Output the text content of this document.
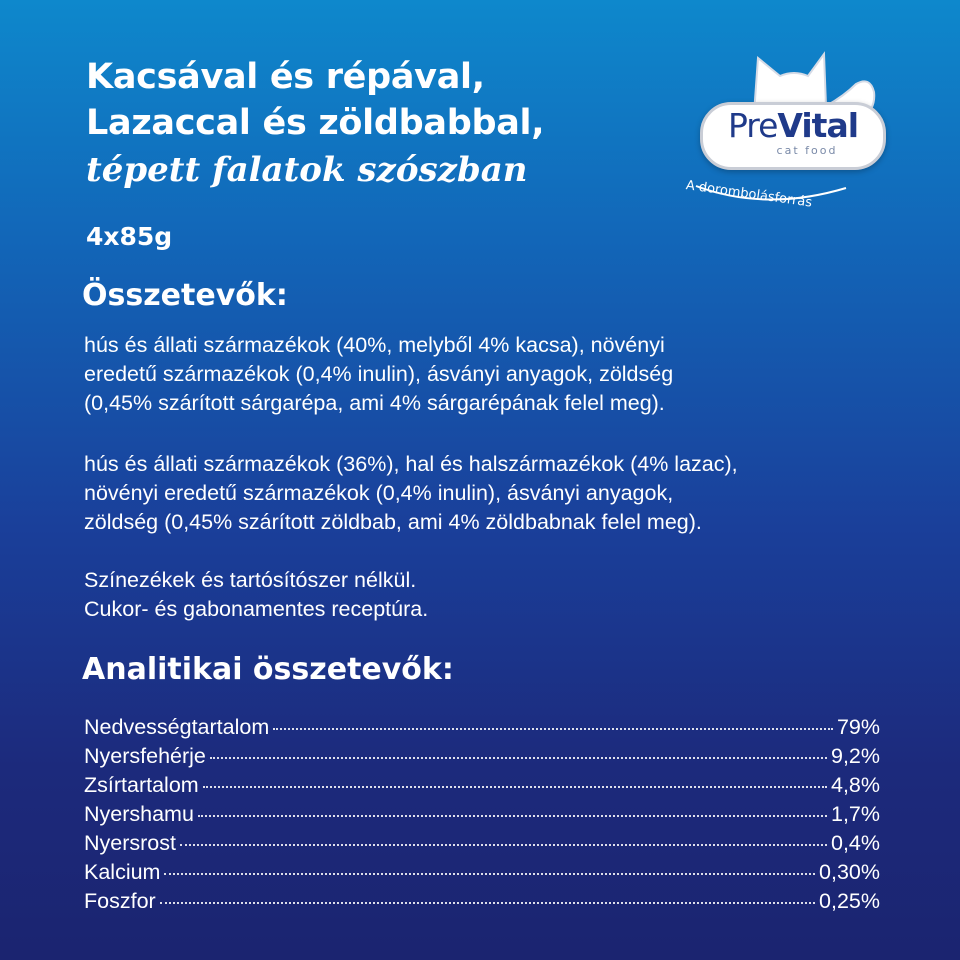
Kacsával és répával,
Lazaccal és zöldbabbal,
tépett falatok szószban
4x85g
PreVital
cat food
A dorombolásforrás
Összetevők:
hús és állati származékok (40%, melyből 4% kacsa), növényi
eredetű származékok (0,4% inulin), ásványi anyagok, zöldség
(0,45% szárított sárgarépa, ami 4% sárgarépának felel meg).
hús és állati származékok (36%), hal és halszármazékok (4% lazac),
növényi eredetű származékok (0,4% inulin), ásványi anyagok,
zöldség (0,45% szárított zöldbab, ami 4% zöldbabnak felel meg).
Színezékek és tartósítószer nélkül.
Cukor- és gabonamentes receptúra.
Analitikai összetevők:
Nedvességtartalom	79%
Nyersfehérje	9,2%
Zsírtartalom	4,8%
Nyershamu	1,7%
Nyersrost	0,4%
Kalcium	0,30%
Foszfor	0,25%
